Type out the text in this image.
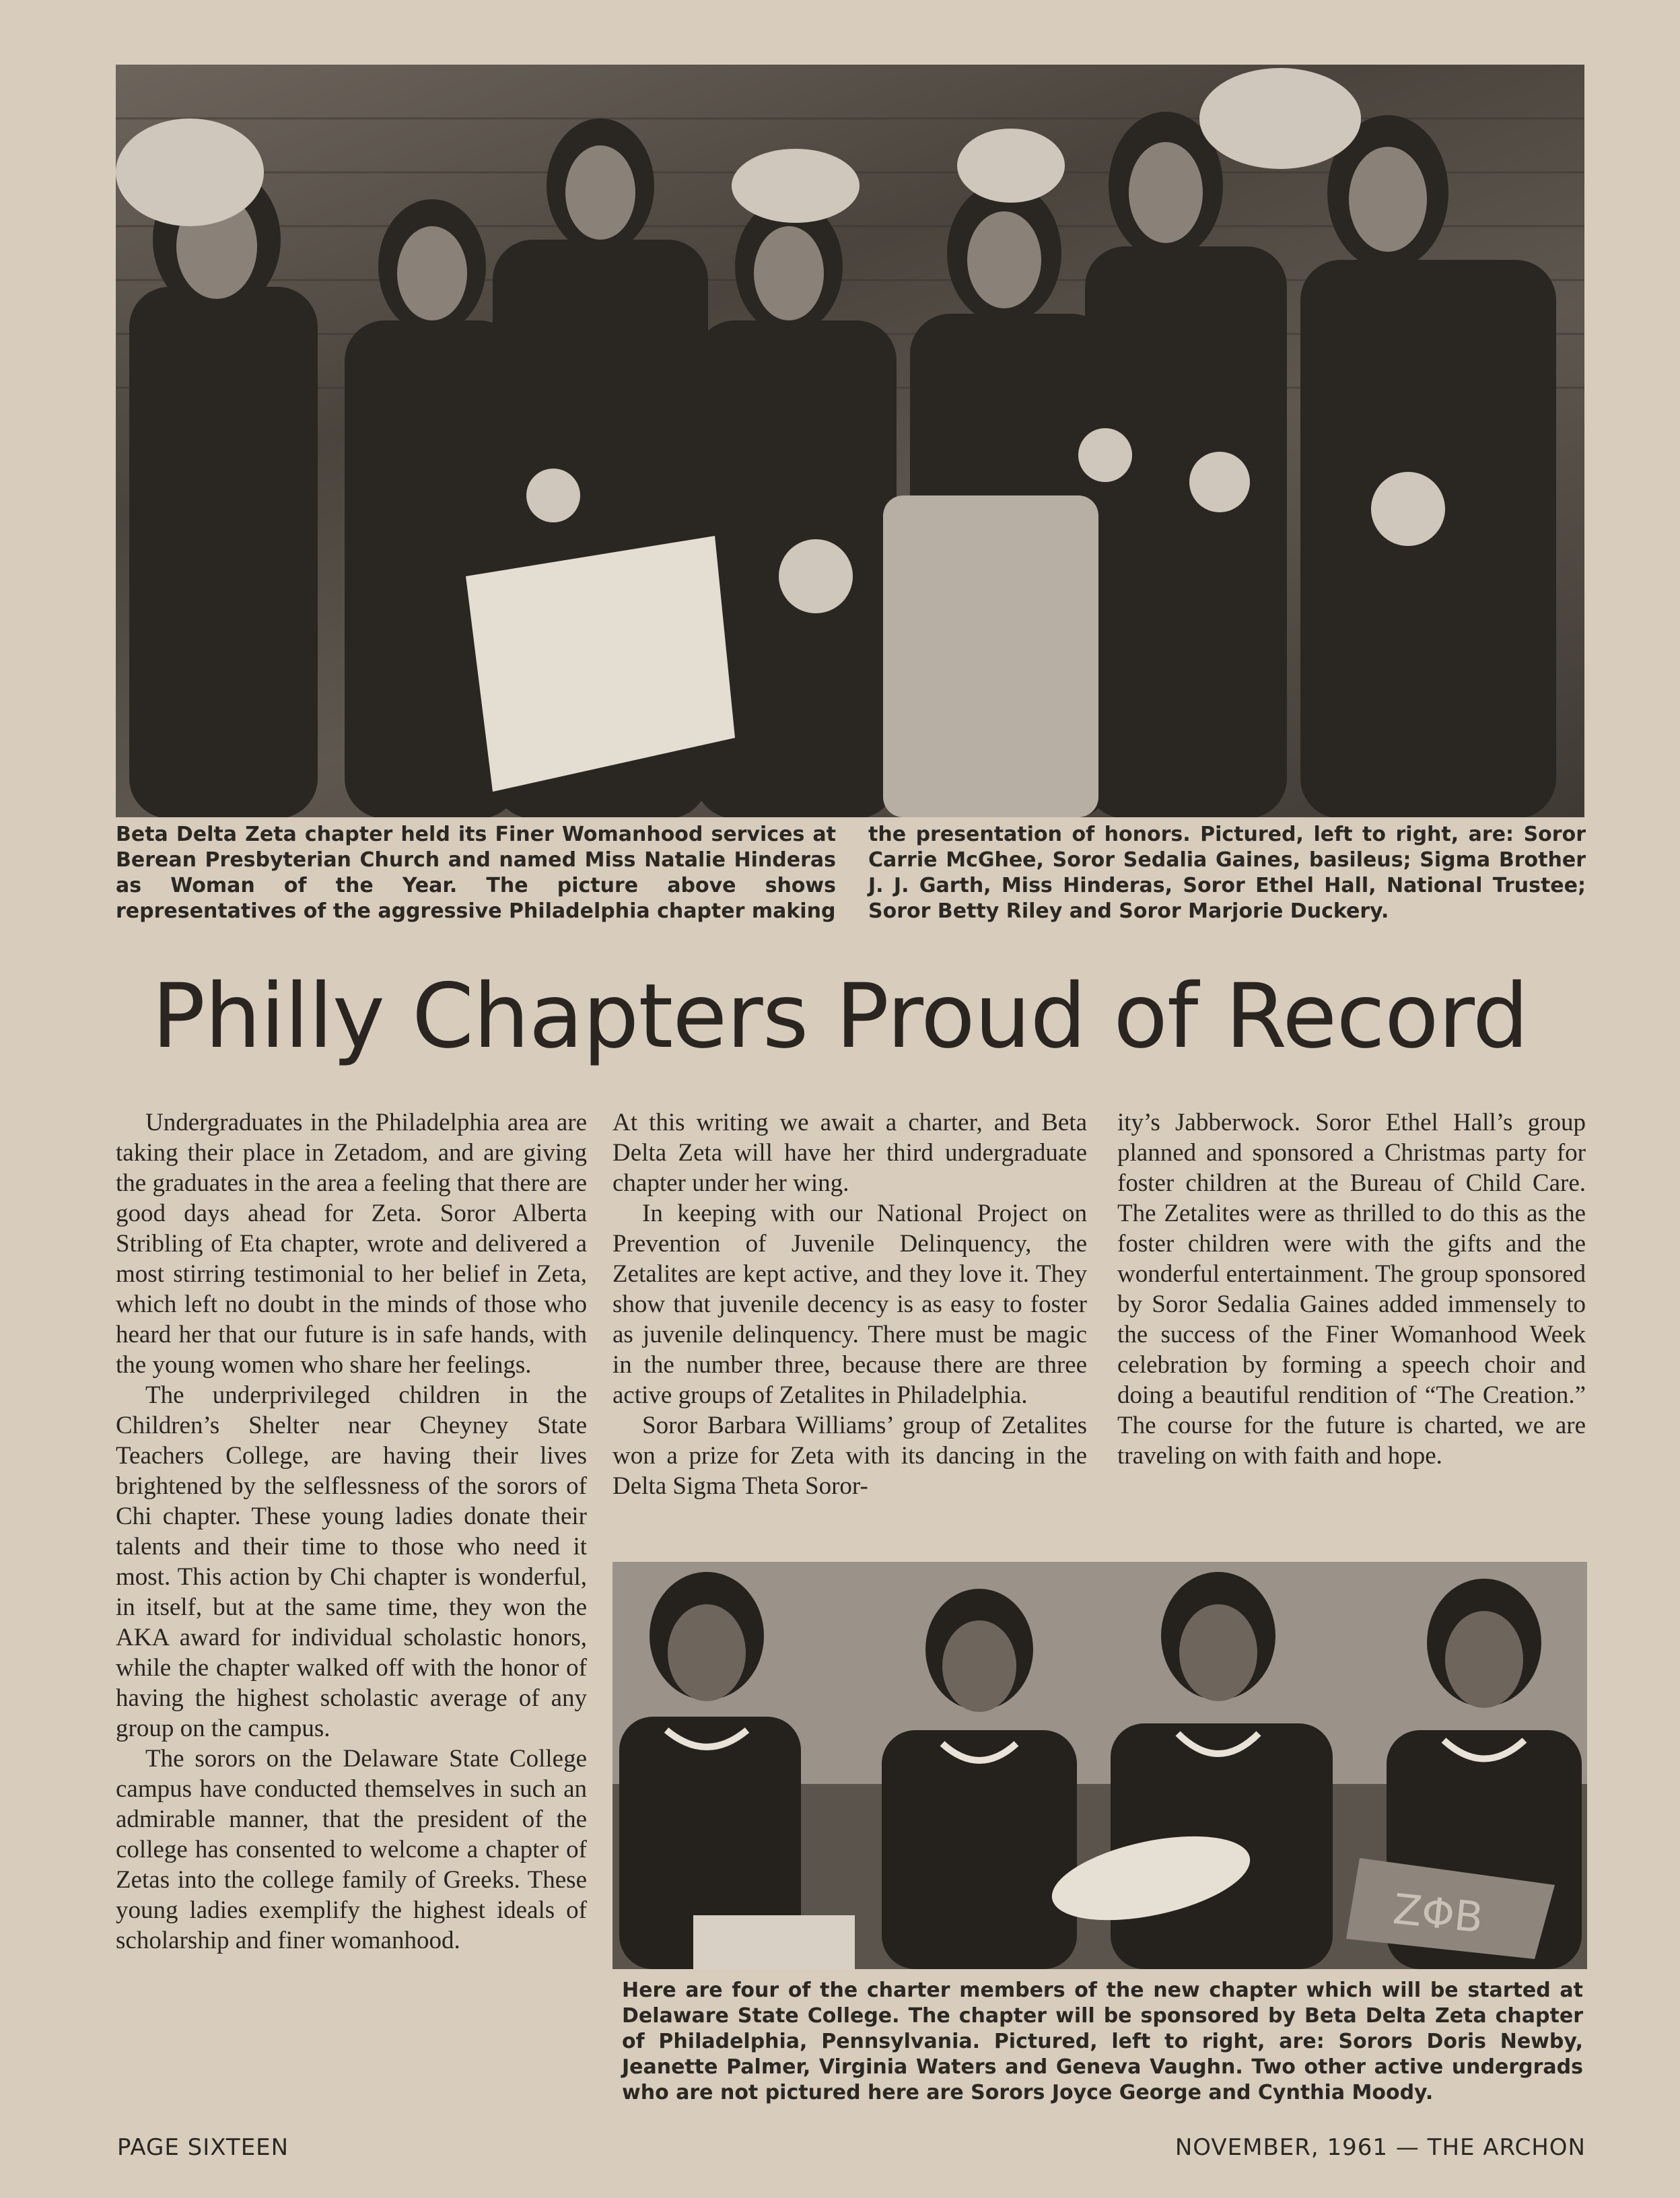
Beta Delta Zeta chapter held its Finer Womanhood services at Berean Presbyterian Church and named Miss Natalie Hinderas as Woman of the Year. The picture above shows representatives of the aggressive Philadelphia chapter making

the presentation of honors. Pictured, left to right, are: Soror Carrie McGhee, Soror Sedalia Gaines, basileus; Sigma Brother J. J. Garth, Miss Hinderas, Soror Ethel Hall, National Trustee; Soror Betty Riley and Soror Marjorie Duckery.

Philly Chapters Proud of Record

Undergraduates in the Philadelphia area are taking their place in Zetadom, and are giving the graduates in the area a feeling that there are good days ahead for Zeta. Soror Alberta Stribling of Eta chapter, wrote and delivered a most stirring testimonial to her belief in Zeta, which left no doubt in the minds of those who heard her that our future is in safe hands, with the young women who share her feelings.

The underprivileged children in the Children’s Shelter near Cheyney State Teachers College, are having their lives brightened by the selflessness of the sorors of Chi chapter. These young ladies donate their talents and their time to those who need it most. This action by Chi chapter is wonderful, in itself, but at the same time, they won the AKA award for individual scholastic honors, while the chapter walked off with the honor of having the highest scholastic average of any group on the campus.

The sorors on the Delaware State College campus have conducted themselves in such an admirable manner, that the president of the college has consented to welcome a chapter of Zetas into the college family of Greeks. These young ladies exemplify the highest ideals of scholarship and finer womanhood.

At this writing we await a charter, and Beta Delta Zeta will have her third undergraduate chapter under her wing.

In keeping with our National Project on Prevention of Juvenile Delinquency, the Zetalites are kept active, and they love it. They show that juvenile decency is as easy to foster as juvenile delinquency. There must be magic in the number three, because there are three active groups of Zetalites in Philadelphia.

Soror Barbara Williams’ group of Zetalites won a prize for Zeta with its dancing in the Delta Sigma Theta Soror-

ity’s Jabberwock. Soror Ethel Hall’s group planned and sponsored a Christmas party for foster children at the Bureau of Child Care. The Zetalites were as thrilled to do this as the foster children were with the gifts and the wonderful entertainment. The group sponsored by Soror Sedalia Gaines added immensely to the success of the Finer Womanhood Week celebration by forming a speech choir and doing a beautiful rendition of “The Creation.” The course for the future is charted, we are traveling on with faith and hope.

ZΦB

Here are four of the charter members of the new chapter which will be started at Delaware State College. The chapter will be sponsored by Beta Delta Zeta chapter of Philadelphia, Pennsylvania. Pictured, left to right, are: Sorors Doris Newby, Jeanette Palmer, Virginia Waters and Geneva Vaughn. Two other active undergrads who are not pictured here are Sorors Joyce George and Cynthia Moody.

PAGE SIXTEEN	NOVEMBER, 1961 — THE ARCHON
